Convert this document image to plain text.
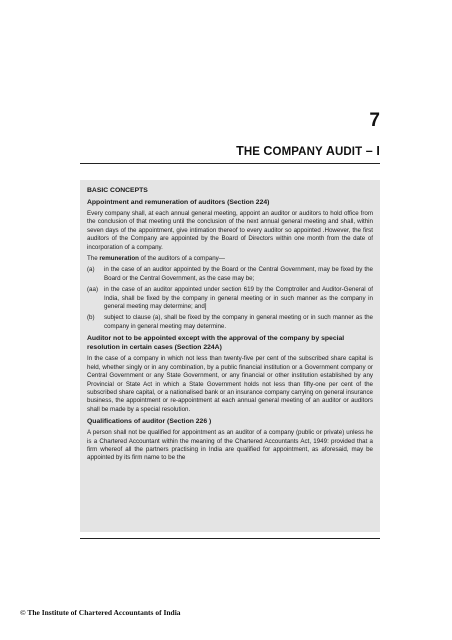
7
THE COMPANY AUDIT – I

BASIC CONCEPTS

Appointment and remuneration of auditors (Section 224)

Every company shall, at each annual general meeting, appoint an auditor or auditors to hold office from the conclusion of that meeting until the conclusion of the next annual general meeting and shall, within seven days of the appointment, give intimation thereof to every auditor so appointed .However, the first auditors of the Company are appointed by the Board of Directors within one month from the date of incorporation of a company.

The remuneration of the auditors of a company—

(a)	in the case of an auditor appointed by the Board or the Central Government, may be fixed by the Board or the Central Government, as the case may be;
(aa) in the case of an auditor appointed under section 619 by the Comptroller and Auditor-General of India, shall be fixed by the company in general meeting or in such manner as the company in general meeting may determine; and]
(b)	subject to clause (a), shall be fixed by the company in general meeting or in such manner as the company in general meeting may determine.

Auditor not to be appointed except with the approval of the company by special resolution in certain cases (Section 224A)

In the case of a company in which not less than twenty-five per cent of the subscribed share capital is held, whether singly or in any combination, by a public financial institution or a Government company or Central Government or any State Government, or any financial or other institution established by any Provincial or State Act in which a State Government holds not less than fifty-one per cent of the subscribed share capital, or a nationalised bank or an insurance company carrying on general insurance business, the appointment or re-appointment at each annual general meeting of an auditor or auditors shall be made by a special resolution.

Qualifications of auditor (Section 226 )

A person shall not be qualified for appointment as an auditor of a company (public or private) unless he is a Chartered Accountant within the meaning of the Chartered Accountants Act, 1949: provided that a firm whereof all the partners practising in India are qualified for appointment, as aforesaid, may be appointed by its firm name to be the

© The Institute of Chartered Accountants of India
